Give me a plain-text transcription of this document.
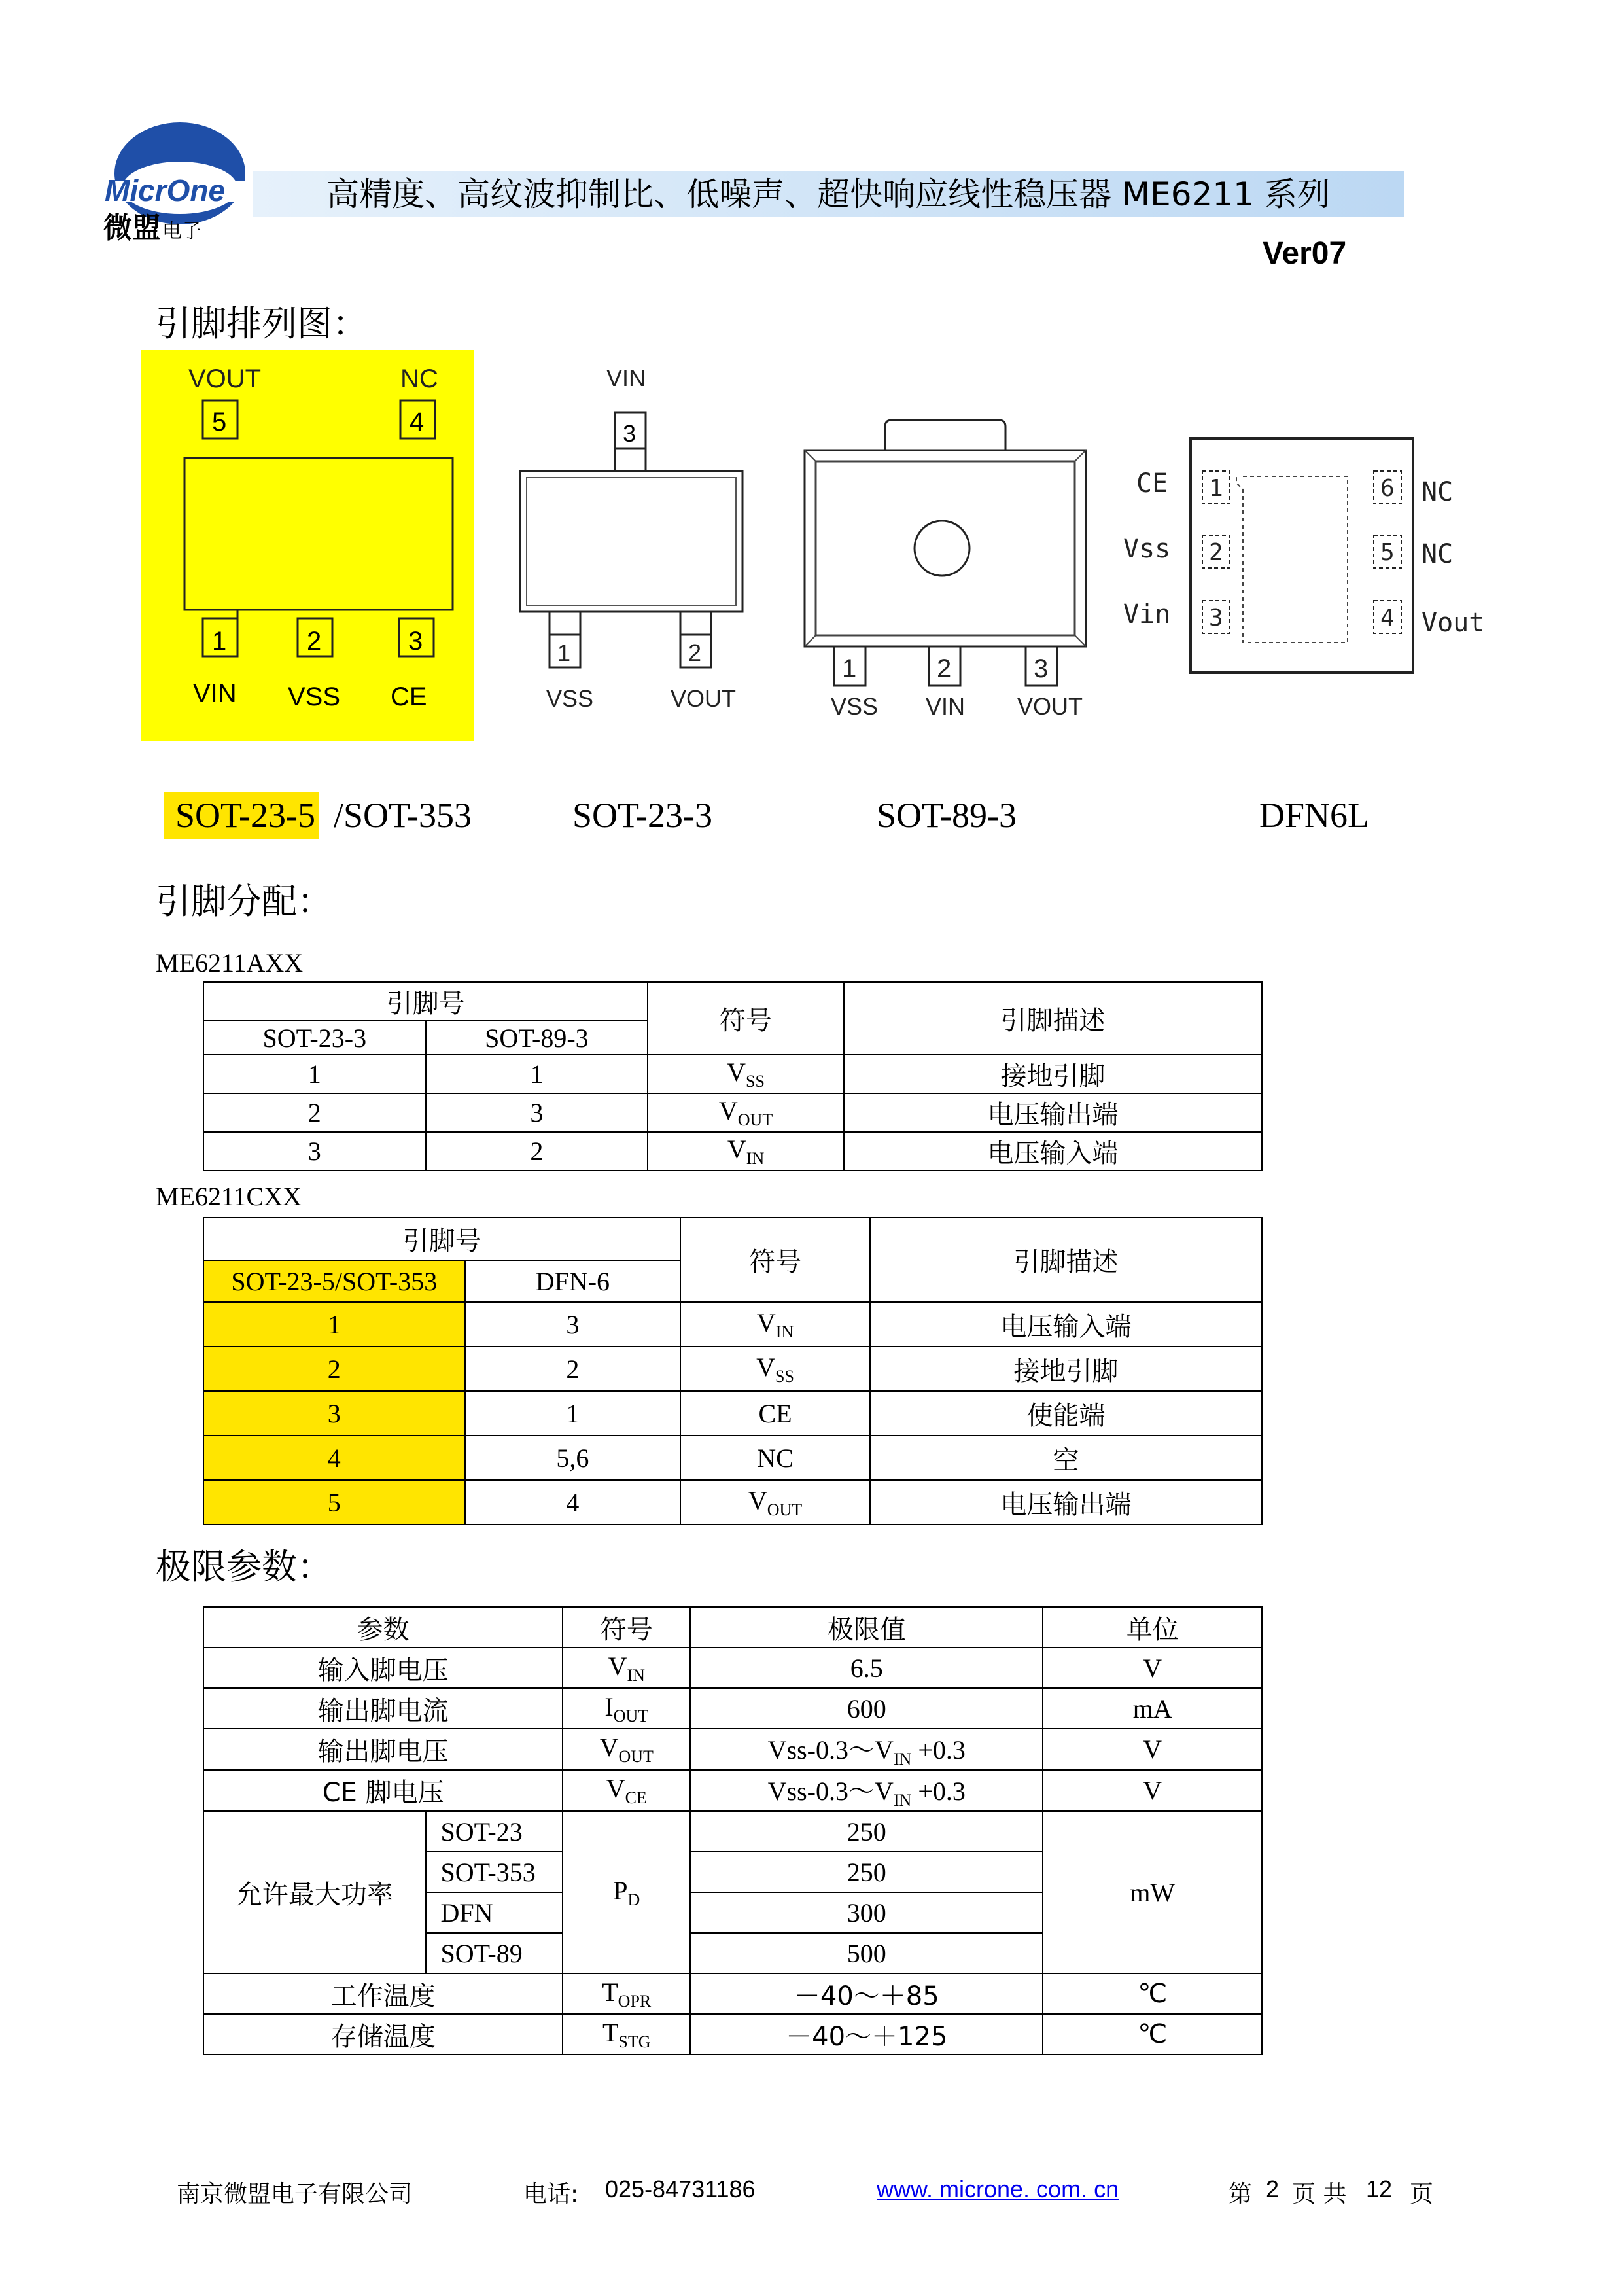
MicrOne
微盟 电子
高精度、高纹波抑制比、低噪声、超快响应线性稳压器 ME6211 系列
Ver07
引脚排列图：
VOUT	NC
5	4
1	2	3
VIN VSS CE
VIN
3
1	2
VSS	VOUT
1	2	3
VSS VIN VOUT
1
2
3
6
5
4
CE
Vss
Vin
NC
NC
Vout
SOT-23-5 /SOT-353	SOT-23-3	SOT-89-3	DFN6L
引脚分配：
ME6211AXX
引脚号		符号	引脚描述
SOT-23-3	SOT-89-3		
1	1	$V_{SS}$	接地引脚
2	3	$V_{OUT}$	电压输出端
3	2	$V_{IN}$	电压输入端
ME6211CXX
引脚号		符号	引脚描述
SOT-23-5/SOT-353	DFN-6		
1	3	$V_{IN}$	电压输入端
2	2	$V_{SS}$	接地引脚
3	1	CE	使能端
4	5,6	NC	空
5	4	$V_{OUT}$	电压输出端
极限参数：
参数		符号	极限值	单位
输入脚电压		$V_{IN}$	6.5	V
输出脚电流		$I_{OUT}$	600	mA
输出脚电压		$V_{OUT}$	Vss-$0.3\sim V_{IN} +0.3$	V
CE 脚电压		$V_{CE}$	Vss-$0.3\sim V_{IN} +0.3$	V
允许最大功率	SOT-23	$P_D$	250	mW
	SOT-353		250	
	DFN		300	
	SOT-89		500	
工作温度		$T_{OPR}$	－40～＋85	℃
存储温度		$T_{STG}$	－40～＋125	℃
南京微盟电子有限公司	电话: 025-84731186	www. microne. com. cn	第 2 页 共 12 页
